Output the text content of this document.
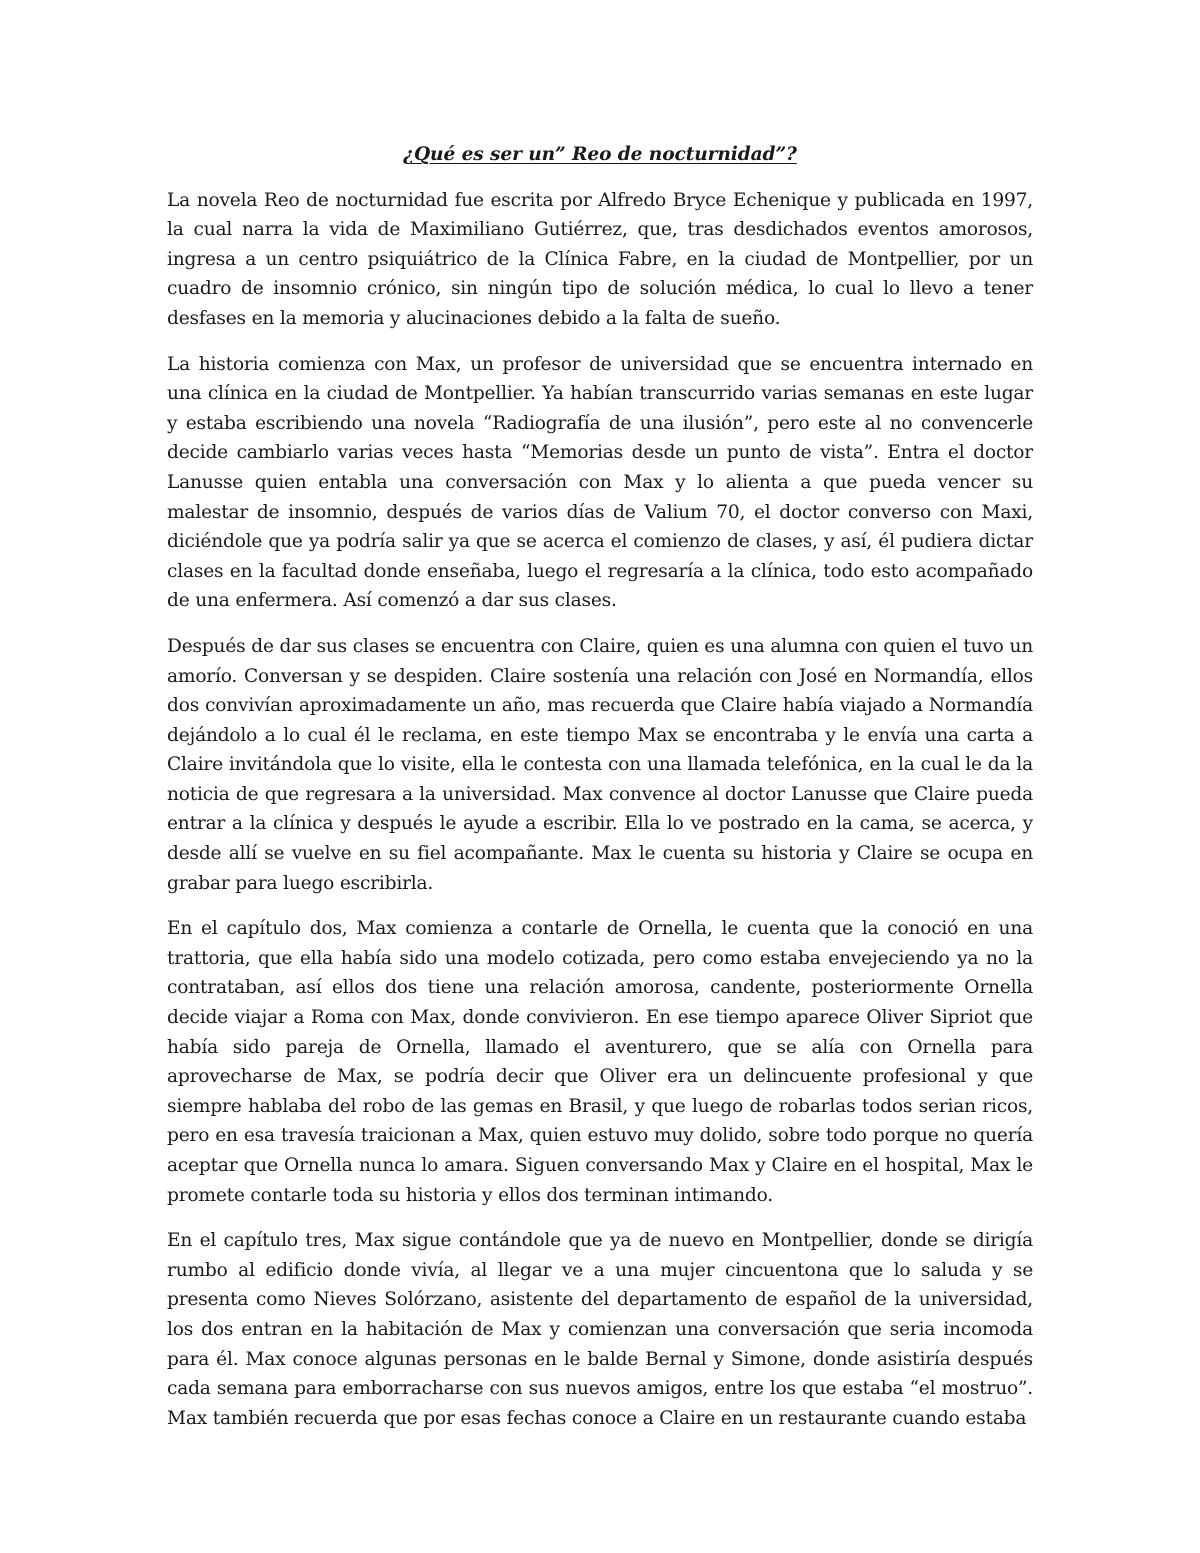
¿Qué es ser un” Reo de nocturnidad”?

La novela Reo de nocturnidad fue escrita por Alfredo Bryce Echenique y publicada en 1997, la cual narra la vida de Maximiliano Gutiérrez, que, tras desdichados eventos amorosos, ingresa a un centro psiquiátrico de la Clínica Fabre, en la ciudad de Montpellier, por un cuadro de insomnio crónico, sin ningún tipo de solución médica, lo cual lo llevo a tener desfases en la memoria y alucinaciones debido a la falta de sueño.

La historia comienza con Max, un profesor de universidad que se encuentra internado en una clínica en la ciudad de Montpellier. Ya habían transcurrido varias semanas en este lugar y estaba escribiendo una novela “Radiografía de una ilusión”, pero este al no convencerle decide cambiarlo varias veces hasta “Memorias desde un punto de vista”. Entra el doctor Lanusse quien entabla una conversación con Max y lo alienta a que pueda vencer su malestar de insomnio, después de varios días de Valium 70, el doctor converso con Maxi, diciéndole que ya podría salir ya que se acerca el comienzo de clases, y así, él pudiera dictar clases en la facultad donde enseñaba, luego el regresaría a la clínica, todo esto acompañado de una enfermera. Así comenzó a dar sus clases.

Después de dar sus clases se encuentra con Claire, quien es una alumna con quien el tuvo un amorío. Conversan y se despiden. Claire sostenía una relación con José en Normandía, ellos dos convivían aproximadamente un año, mas recuerda que Claire había viajado a Normandía dejándolo a lo cual él le reclama, en este tiempo Max se encontraba y le envía una carta a Claire invitándola que lo visite, ella le contesta con una llamada telefónica, en la cual le da la noticia de que regresara a la universidad. Max convence al doctor Lanusse que Claire pueda entrar a la clínica y después le ayude a escribir. Ella lo ve postrado en la cama, se acerca, y desde allí se vuelve en su fiel acompañante. Max le cuenta su historia y Claire se ocupa en grabar para luego escribirla.

En el capítulo dos, Max comienza a contarle de Ornella, le cuenta que la conoció en una trattoria, que ella había sido una modelo cotizada, pero como estaba envejeciendo ya no la contrataban, así ellos dos tiene una relación amorosa, candente, posteriormente Ornella decide viajar a Roma con Max, donde convivieron. En ese tiempo aparece Oliver Sipriot que había sido pareja de Ornella, llamado el aventurero, que se alía con Ornella para aprovecharse de Max, se podría decir que Oliver era un delincuente profesional y que siempre hablaba del robo de las gemas en Brasil, y que luego de robarlas todos serian ricos, pero en esa travesía traicionan a Max, quien estuvo muy dolido, sobre todo porque no quería aceptar que Ornella nunca lo amara. Siguen conversando Max y Claire en el hospital, Max le promete contarle toda su historia y ellos dos terminan intimando.

En el capítulo tres, Max sigue contándole que ya de nuevo en Montpellier, donde se dirigía rumbo al edificio donde vivía, al llegar ve a una mujer cincuentona que lo saluda y se presenta como Nieves Solórzano, asistente del departamento de español de la universidad, los dos entran en la habitación de Max y comienzan una conversación que seria incomoda para él. Max conoce algunas personas en le balde Bernal y Simone, donde asistiría después cada semana para emborracharse con sus nuevos amigos, entre los que estaba “el mostruo”. Max también recuerda que por esas fechas conoce a Claire en un restaurante cuando estaba
